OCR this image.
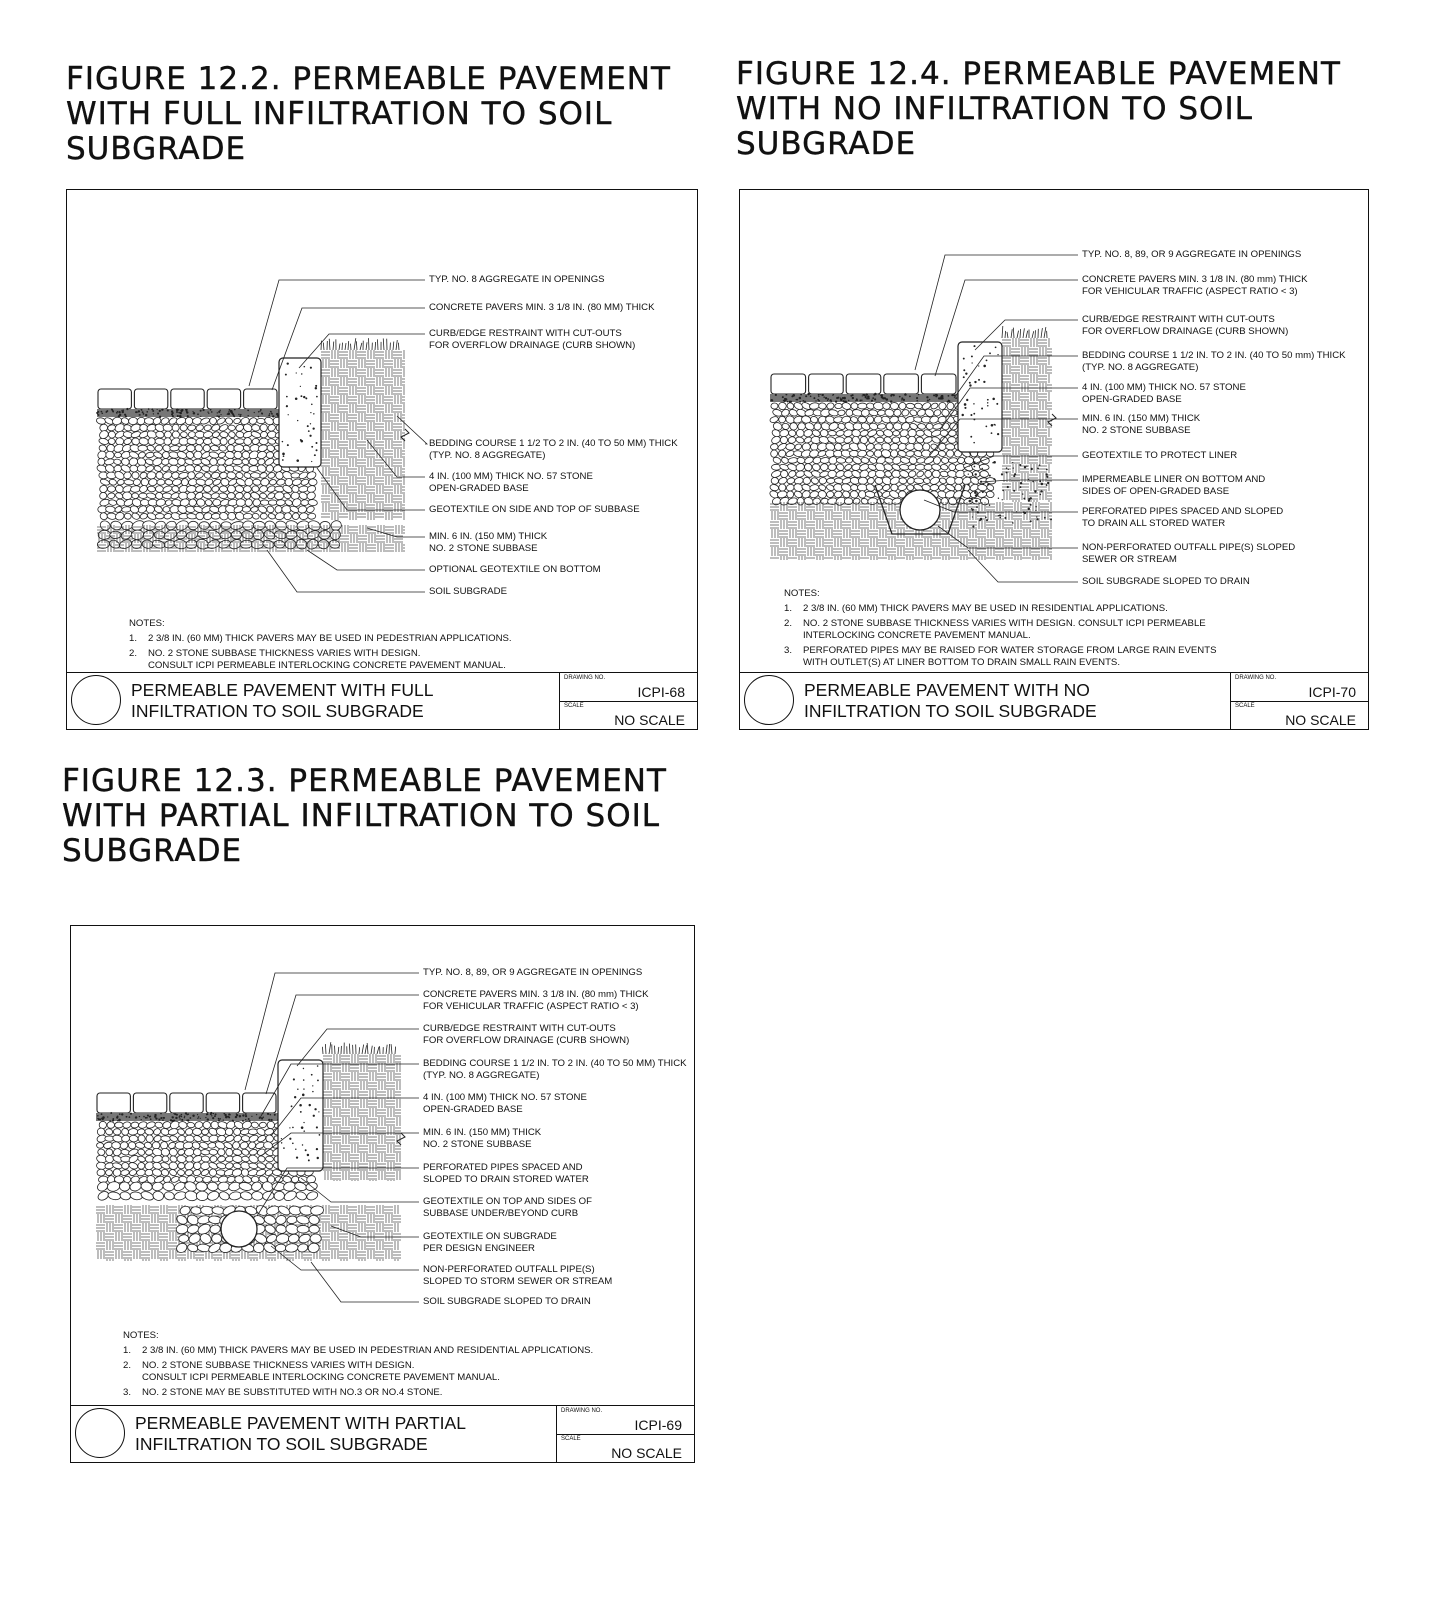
FIGURE 12.2. PERMEABLE PAVEMENT
WITH FULL INFILTRATION TO SOIL
SUBGRADE
TYP. NO. 8 AGGREGATE IN OPENINGS
CONCRETE PAVERS MIN. 3 1/8 IN. (80 MM) THICK
CURB/EDGE RESTRAINT WITH CUT-OUTS
FOR OVERFLOW DRAINAGE (CURB SHOWN)
BEDDING COURSE 1 1/2 TO 2 IN. (40 TO 50 MM) THICK
(TYP. NO. 8 AGGREGATE)
4 IN. (100 MM) THICK NO. 57 STONE
OPEN-GRADED BASE
GEOTEXTILE ON SIDE AND TOP OF SUBBASE
MIN. 6 IN. (150 MM) THICK
NO. 2 STONE SUBBASE
OPTIONAL GEOTEXTILE ON BOTTOM
SOIL SUBGRADE
NOTES:
1. 2 3/8 IN. (60 MM) THICK PAVERS MAY BE USED IN PEDESTRIAN APPLICATIONS.
2. NO. 2 STONE SUBBASE THICKNESS VARIES WITH DESIGN.
CONSULT ICPI PERMEABLE INTERLOCKING CONCRETE PAVEMENT MANUAL.
PERMEABLE PAVEMENT WITH FULL
INFILTRATION TO SOIL SUBGRADE
DRAWING NO.
ICPI-68
SCALE
NO SCALE
FIGURE 12.4. PERMEABLE PAVEMENT
WITH NO INFILTRATION TO SOIL
SUBGRADE
TYP. NO. 8, 89, OR 9 AGGREGATE IN OPENINGS
CONCRETE PAVERS MIN. 3 1/8 IN. (80 mm) THICK
FOR VEHICULAR TRAFFIC (ASPECT RATIO < 3)
CURB/EDGE RESTRAINT WITH CUT-OUTS
FOR OVERFLOW DRAINAGE (CURB SHOWN)
BEDDING COURSE 1 1/2 IN. TO 2 IN. (40 TO 50 mm) THICK
(TYP. NO. 8 AGGREGATE)
4 IN. (100 MM) THICK NO. 57 STONE
OPEN-GRADED BASE
MIN. 6 IN. (150 MM) THICK
NO. 2 STONE SUBBASE
GEOTEXTILE TO PROTECT LINER
IMPERMEABLE LINER ON BOTTOM AND
SIDES OF OPEN-GRADED BASE
PERFORATED PIPES SPACED AND SLOPED
TO DRAIN ALL STORED WATER
NON-PERFORATED OUTFALL PIPE(S) SLOPED
SEWER OR STREAM
SOIL SUBGRADE SLOPED TO DRAIN
NOTES:
1. 2 3/8 IN. (60 MM) THICK PAVERS MAY BE USED IN RESIDENTIAL APPLICATIONS.
2. NO. 2 STONE SUBBASE THICKNESS VARIES WITH DESIGN. CONSULT ICPI PERMEABLE
INTERLOCKING CONCRETE PAVEMENT MANUAL.
3. PERFORATED PIPES MAY BE RAISED FOR WATER STORAGE FROM LARGE RAIN EVENTS
WITH OUTLET(S) AT LINER BOTTOM TO DRAIN SMALL RAIN EVENTS.
PERMEABLE PAVEMENT WITH NO
INFILTRATION TO SOIL SUBGRADE
DRAWING NO.
ICPI-70
SCALE
NO SCALE
FIGURE 12.3. PERMEABLE PAVEMENT
WITH PARTIAL INFILTRATION TO SOIL
SUBGRADE
TYP. NO. 8, 89, OR 9 AGGREGATE IN OPENINGS
CONCRETE PAVERS MIN. 3 1/8 IN. (80 mm) THICK
FOR VEHICULAR TRAFFIC (ASPECT RATIO < 3)
CURB/EDGE RESTRAINT WITH CUT-OUTS
FOR OVERFLOW DRAINAGE (CURB SHOWN)
BEDDING COURSE 1 1/2 IN. TO 2 IN. (40 TO 50 MM) THICK
(TYP. NO. 8 AGGREGATE)
4 IN. (100 MM) THICK NO. 57 STONE
OPEN-GRADED BASE
MIN. 6 IN. (150 MM) THICK
NO. 2 STONE SUBBASE
PERFORATED PIPES SPACED AND
SLOPED TO DRAIN STORED WATER
GEOTEXTILE ON TOP AND SIDES OF
SUBBASE UNDER/BEYOND CURB
GEOTEXTILE ON SUBGRADE
PER DESIGN ENGINEER
NON-PERFORATED OUTFALL PIPE(S)
SLOPED TO STORM SEWER OR STREAM
SOIL SUBGRADE SLOPED TO DRAIN
NOTES:
1. 2 3/8 IN. (60 MM) THICK PAVERS MAY BE USED IN PEDESTRIAN AND RESIDENTIAL APPLICATIONS.
2. NO. 2 STONE SUBBASE THICKNESS VARIES WITH DESIGN.
CONSULT ICPI PERMEABLE INTERLOCKING CONCRETE PAVEMENT MANUAL.
3. NO. 2 STONE MAY BE SUBSTITUTED WITH NO.3 OR NO.4 STONE.
PERMEABLE PAVEMENT WITH PARTIAL
INFILTRATION TO SOIL SUBGRADE
DRAWING NO.
ICPI-69
SCALE
NO SCALE
